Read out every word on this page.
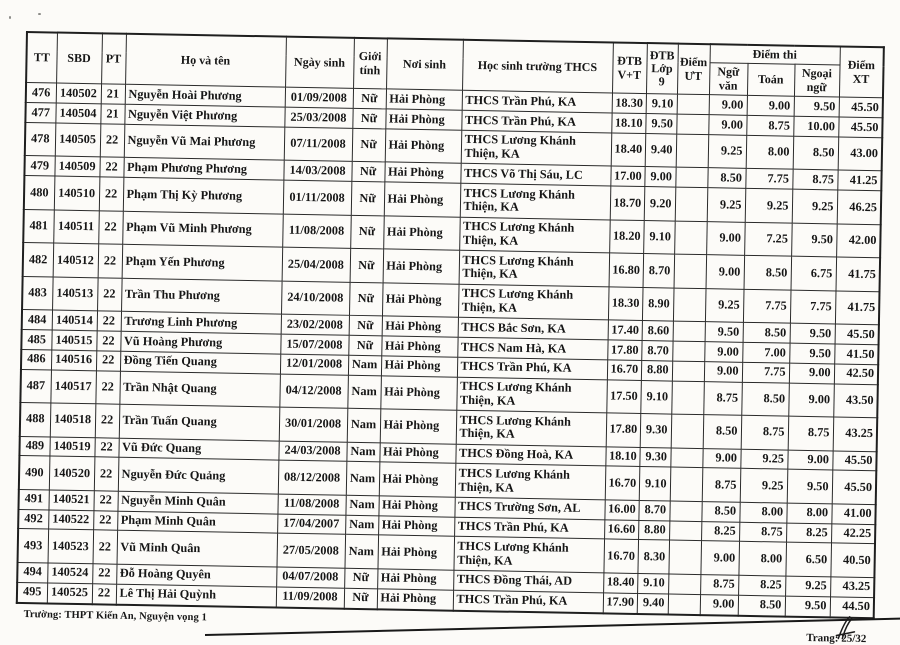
TT	SBD	PT	Họ và tên	Ngày sinh	Giới tính	Nơi sinh	Học sinh trường THCS	ĐTB V+T	ĐTB Lớp 9	Điểm ƯT	Điểm thi			Điểm XT
											Ngữ văn	Toán	Ngoại ngữ	
476	140502	21	Nguyễn Hoài Phương	01/09/2008	Nữ	Hải Phòng	THCS Trần Phú, KA	18.30	9.10		9.00	9.00	9.50	45.50
477	140504	21	Nguyễn Việt Phương	25/03/2008	Nữ	Hải Phòng	THCS Trần Phú, KA	18.10	9.50		9.00	8.75	10.00	45.50
478	140505	22	Nguyễn Vũ Mai Phương	07/11/2008	Nữ	Hải Phòng	THCS Lương Khánh Thiện, KA	18.40	9.40		9.25	8.00	8.50	43.00
479	140509	22	Phạm Phương Phương	14/03/2008	Nữ	Hải Phòng	THCS Võ Thị Sáu, LC	17.00	9.00		8.50	7.75	8.75	41.25
480	140510	22	Phạm Thị Kỳ Phương	01/11/2008	Nữ	Hải Phòng	THCS Lương Khánh Thiện, KA	18.70	9.20		9.25	9.25	9.25	46.25
481	140511	22	Phạm Vũ Minh Phương	11/08/2008	Nữ	Hải Phòng	THCS Lương Khánh Thiện, KA	18.20	9.10		9.00	7.25	9.50	42.00
482	140512	22	Phạm Yến Phương	25/04/2008	Nữ	Hải Phòng	THCS Lương Khánh Thiện, KA	16.80	8.70		9.00	8.50	6.75	41.75
483	140513	22	Trần Thu Phương	24/10/2008	Nữ	Hải Phòng	THCS Lương Khánh Thiện, KA	18.30	8.90		9.25	7.75	7.75	41.75
484	140514	22	Trương Linh Phương	23/02/2008	Nữ	Hải Phòng	THCS Bắc Sơn, KA	17.40	8.60		9.50	8.50	9.50	45.50
485	140515	22	Vũ Hoàng Phương	15/07/2008	Nữ	Hải Phòng	THCS Nam Hà, KA	17.80	8.70		9.00	7.00	9.50	41.50
486	140516	22	Đồng Tiến Quang	12/01/2008	Nam	Hải Phòng	THCS Trần Phú, KA	16.70	8.80		9.00	7.75	9.00	42.50
487	140517	22	Trần Nhật Quang	04/12/2008	Nam	Hải Phòng	THCS Lương Khánh Thiện, KA	17.50	9.10		8.75	8.50	9.00	43.50
488	140518	22	Trần Tuấn Quang	30/01/2008	Nam	Hải Phòng	THCS Lương Khánh Thiện, KA	17.80	9.30		8.50	8.75	8.75	43.25
489	140519	22	Vũ Đức Quang	24/03/2008	Nam	Hải Phòng	THCS Đồng Hoà, KA	18.10	9.30		9.00	9.25	9.00	45.50
490	140520	22	Nguyễn Đức Quảng	08/12/2008	Nam	Hải Phòng	THCS Lương Khánh Thiện, KA	16.70	9.10		8.75	9.25	9.50	45.50
491	140521	22	Nguyễn Minh Quân	11/08/2008	Nam	Hải Phòng	THCS Trường Sơn, AL	16.00	8.70		8.50	8.00	8.00	41.00
492	140522	22	Phạm Minh Quân	17/04/2007	Nam	Hải Phòng	THCS Trần Phú, KA	16.60	8.80		8.25	8.75	8.25	42.25
493	140523	22	Vũ Minh Quân	27/05/2008	Nam	Hải Phòng	THCS Lương Khánh Thiện, KA	16.70	8.30		9.00	8.00	6.50	40.50
494	140524	22	Đỗ Hoàng Quyên	04/07/2008	Nữ	Hải Phòng	THCS Đồng Thái, AD	18.40	9.10		8.75	8.25	9.25	43.25
495	140525	22	Lê Thị Hải Quỳnh	11/09/2008	Nữ	Hải Phòng	THCS Trần Phú, KA	17.90	9.40		9.00	8.50	9.50	44.50
Trường: THPT Kiến An, Nguyện vọng 1
Trang: 25/32
